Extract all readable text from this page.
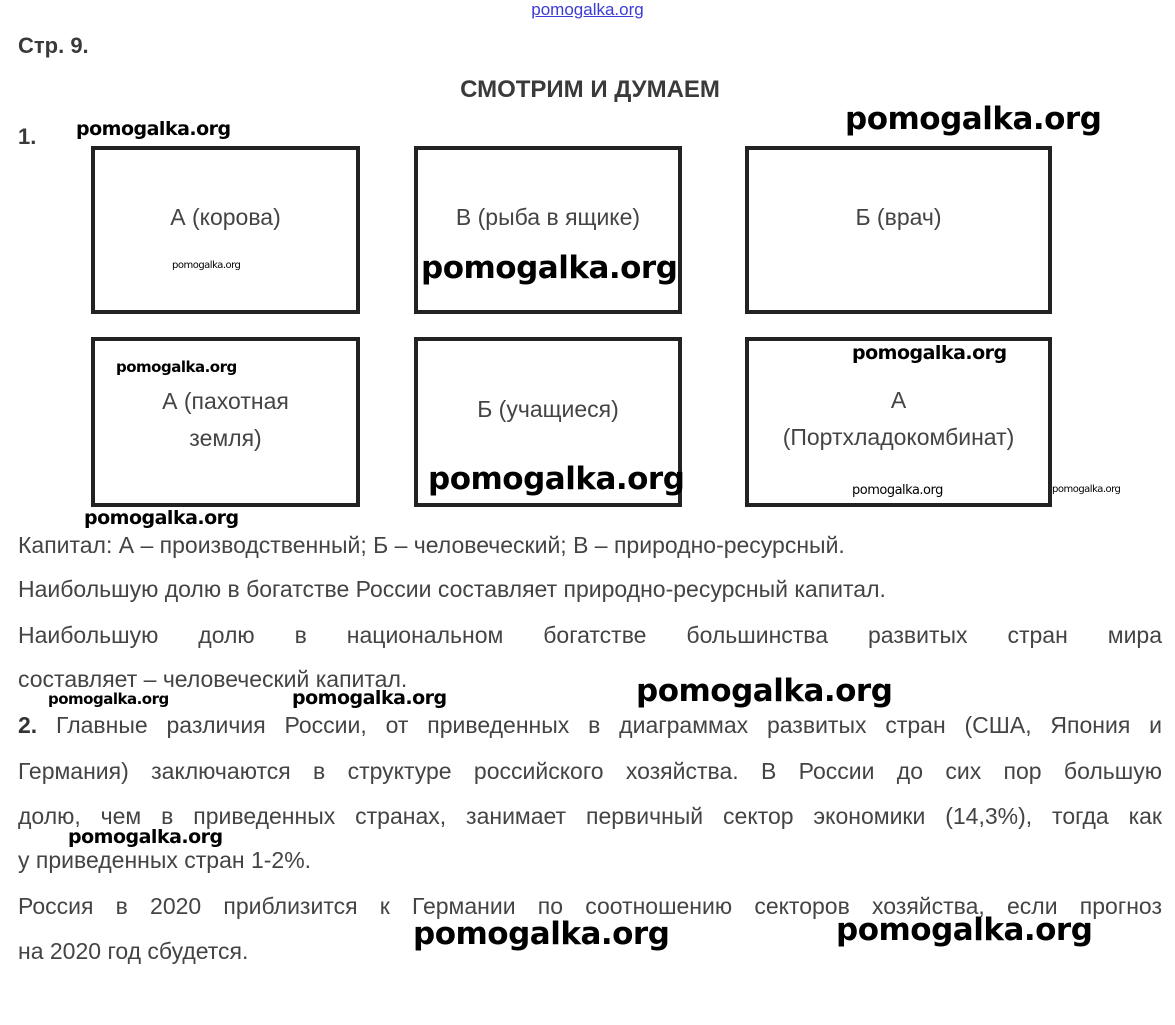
pomogalka.org
Стр. 9.
СМОТРИМ И ДУМАЕМ
1.
А (корова)	В (рыба в ящике)	Б (врач)
А (пахотная
земля)
Б (учащиеся)	А
(Портхладокомбинат)
Капитал: А – производственный; Б – человеческий; В – природно-ресурсный.
Наибольшую долю в богатстве России составляет природно-ресурсный капитал.
Наибольшую долю в национальном богатстве большинства развитых стран мира
составляет – человеческий капитал.
2. Главные различия России, от приведенных в диаграммах развитых стран (США, Япония и
Германия) заключаются в структуре российского хозяйства. В России до сих пор большую
долю, чем в приведенных странах, занимает первичный сектор экономики (14,3%), тогда как
у приведенных стран 1-2%.
Россия в 2020 приблизится к Германии по соотношению секторов хозяйства, если прогноз
на 2020 год сбудется.
pomogalka.org	pomogalka.org
pomogalka.org	pomogalka.org
pomogalka.org
pomogalka.org
pomogalka.org	pomogalka.org	pomogalka.org
pomogalka.org
pomogalka.org	pomogalka.org	pomogalka.org
pomogalka.org
pomogalka.org	pomogalka.org
